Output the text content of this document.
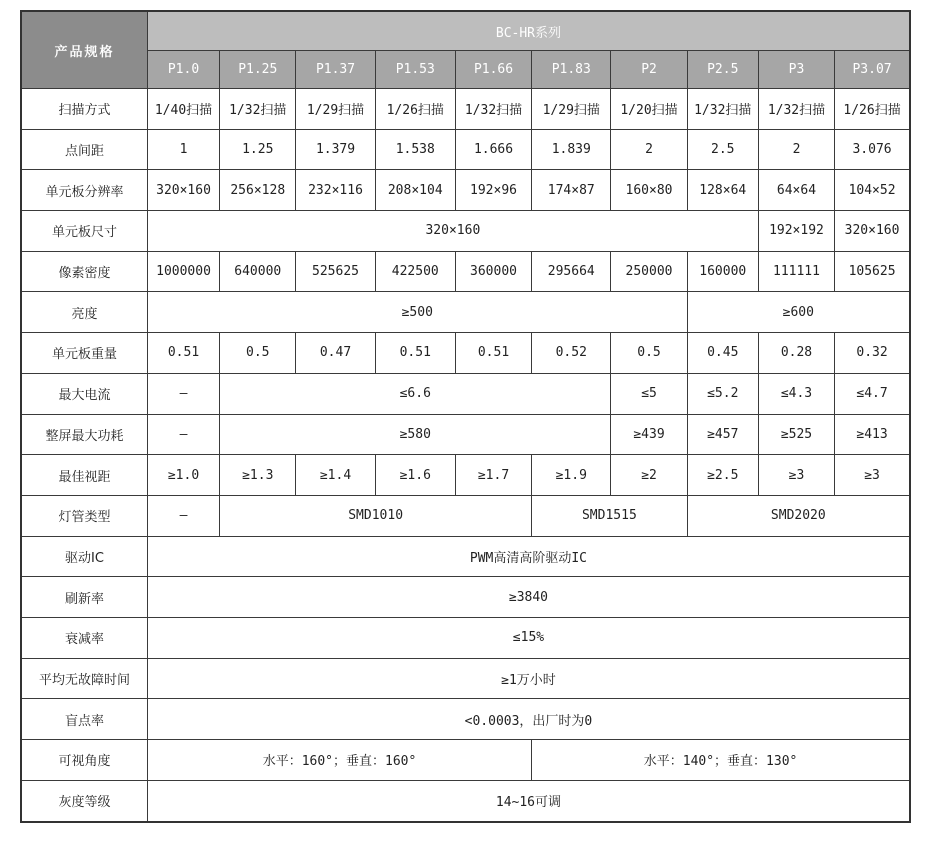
产品规格	BC-HR系列									
	P1.0	P1.25	P1.37	P1.53	P1.66	P1.83	P2	P2.5	P3	P3.07
扫描方式	1/40扫描	1/32扫描	1/29扫描	1/26扫描	1/32扫描	1/29扫描	1/20扫描	1/32扫描	1/32扫描	1/26扫描
点间距	1	1.25	1.379	1.538	1.666	1.839	2	2.5	2	3.076
单元板分辨率	320×160	256×128	232×116	208×104	192×96	174×87	160×80	128×64	64×64	104×52
单元板尺寸	320×160								192×192	320×160
像素密度	1000000	640000	525625	422500	360000	295664	250000	160000	111111	105625
亮度	≥500							≥600		
单元板重量	0.51	0.5	0.47	0.51	0.51	0.52	0.5	0.45	0.28	0.32
最大电流	–	≤6.6					≤5	≤5.2	≤4.3	≤4.7
整屏最大功耗	–	≥580					≥439	≥457	≥525	≥413
最佳视距	≥1.0	≥1.3	≥1.4	≥1.6	≥1.7	≥1.9	≥2	≥2.5	≥3	≥3
灯管类型	–	SMD1010				SMD1515		SMD2020		
驱动IC	PWM高清高阶驱动IC									
刷新率	≥3840									
衰减率	≤15%									
平均无故障时间	≥1万小时									
盲点率	<0.0003，出厂时为0									
可视角度	水平：160°；垂直：160°					水平：140°；垂直：130°				
灰度等级	14~16可调									
